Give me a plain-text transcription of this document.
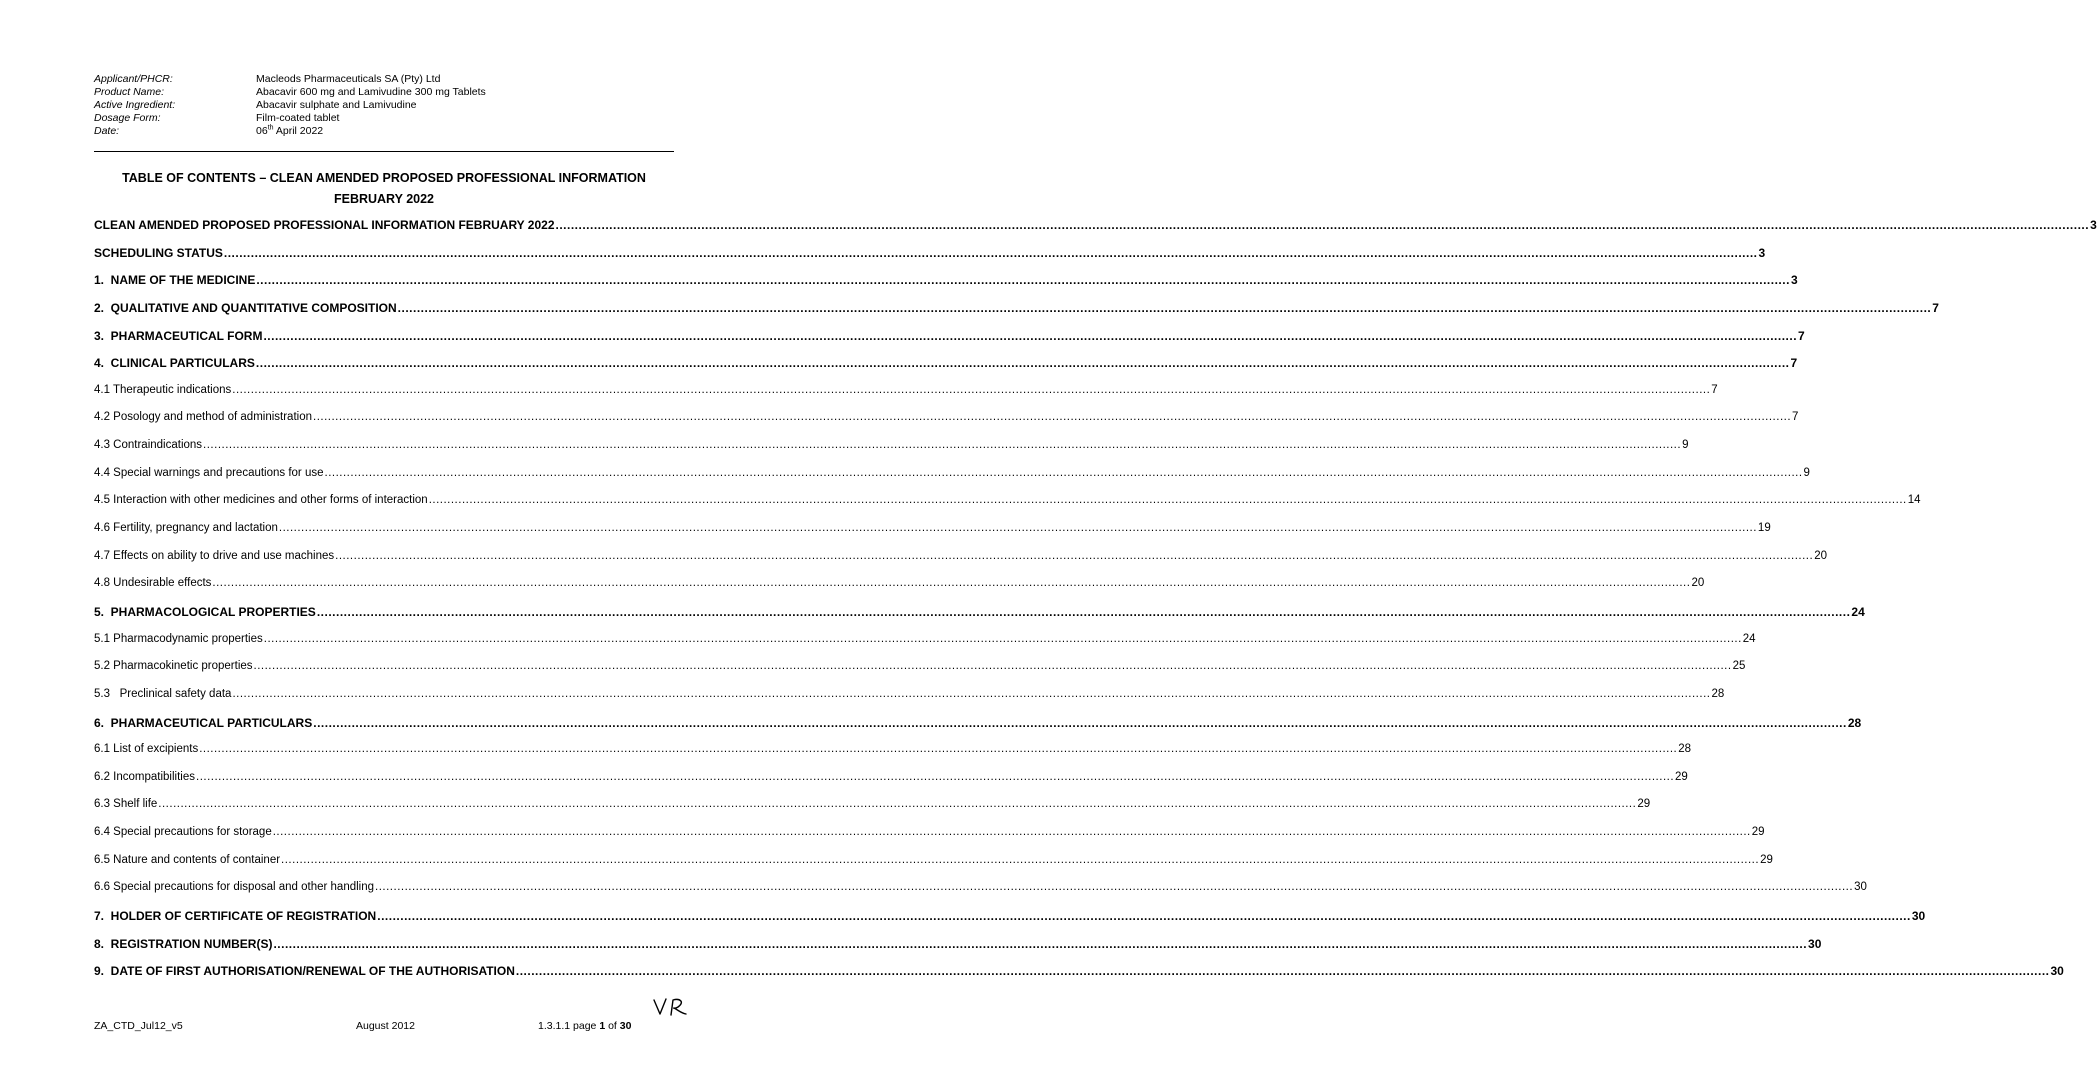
Applicant/PHCR:	Macleods Pharmaceuticals SA (Pty) Ltd
Product Name:	Abacavir 600 mg and Lamivudine 300 mg Tablets
Active Ingredient:	Abacavir sulphate and Lamivudine
Dosage Form:	Film-coated tablet
Date:	06th April 2022
TABLE OF CONTENTS – CLEAN AMENDED PROPOSED PROFESSIONAL INFORMATION
FEBRUARY 2022
CLEAN AMENDED PROPOSED PROFESSIONAL INFORMATION FEBRUARY 2022 ................................................................................................................................................................................................................................................................................................................................................................................................................ 3
SCHEDULING STATUS ................................................................................................................................................................................................................................................................................................................................................................................................................ 3
1.  NAME OF THE MEDICINE ................................................................................................................................................................................................................................................................................................................................................................................................................ 3
2.  QUALITATIVE AND QUANTITATIVE COMPOSITION ................................................................................................................................................................................................................................................................................................................................................................................................................ 7
3.  PHARMACEUTICAL FORM ................................................................................................................................................................................................................................................................................................................................................................................................................ 7
4.  CLINICAL PARTICULARS ................................................................................................................................................................................................................................................................................................................................................................................................................ 7
4.1 Therapeutic indications ................................................................................................................................................................................................................................................................................................................................................................................................................ 7
4.2 Posology and method of administration ................................................................................................................................................................................................................................................................................................................................................................................................................ 7
4.3 Contraindications ................................................................................................................................................................................................................................................................................................................................................................................................................ 9
4.4 Special warnings and precautions for use ................................................................................................................................................................................................................................................................................................................................................................................................................ 9
4.5 Interaction with other medicines and other forms of interaction ................................................................................................................................................................................................................................................................................................................................................................................................................ 14
4.6 Fertility, pregnancy and lactation ................................................................................................................................................................................................................................................................................................................................................................................................................ 19
4.7 Effects on ability to drive and use machines ................................................................................................................................................................................................................................................................................................................................................................................................................ 20
4.8 Undesirable effects ................................................................................................................................................................................................................................................................................................................................................................................................................ 20
5.  PHARMACOLOGICAL PROPERTIES ................................................................................................................................................................................................................................................................................................................................................................................................................ 24
5.1 Pharmacodynamic properties ................................................................................................................................................................................................................................................................................................................................................................................................................ 24
5.2 Pharmacokinetic properties ................................................................................................................................................................................................................................................................................................................................................................................................................ 25
5.3   Preclinical safety data ................................................................................................................................................................................................................................................................................................................................................................................................................ 28
6.  PHARMACEUTICAL PARTICULARS ................................................................................................................................................................................................................................................................................................................................................................................................................ 28
6.1 List of excipients ................................................................................................................................................................................................................................................................................................................................................................................................................ 28
6.2 Incompatibilities ................................................................................................................................................................................................................................................................................................................................................................................................................ 29
6.3 Shelf life ................................................................................................................................................................................................................................................................................................................................................................................................................ 29
6.4 Special precautions for storage ................................................................................................................................................................................................................................................................................................................................................................................................................ 29
6.5 Nature and contents of container ................................................................................................................................................................................................................................................................................................................................................................................................................ 29
6.6 Special precautions for disposal and other handling ................................................................................................................................................................................................................................................................................................................................................................................................................ 30
7.  HOLDER OF CERTIFICATE OF REGISTRATION ................................................................................................................................................................................................................................................................................................................................................................................................................ 30
8.  REGISTRATION NUMBER(S) ................................................................................................................................................................................................................................................................................................................................................................................................................ 30
9.  DATE OF FIRST AUTHORISATION/RENEWAL OF THE AUTHORISATION ................................................................................................................................................................................................................................................................................................................................................................................................................ 30
ZA_CTD_Jul12_v5	August 2012	1.3.1.1 page 1 of 30
